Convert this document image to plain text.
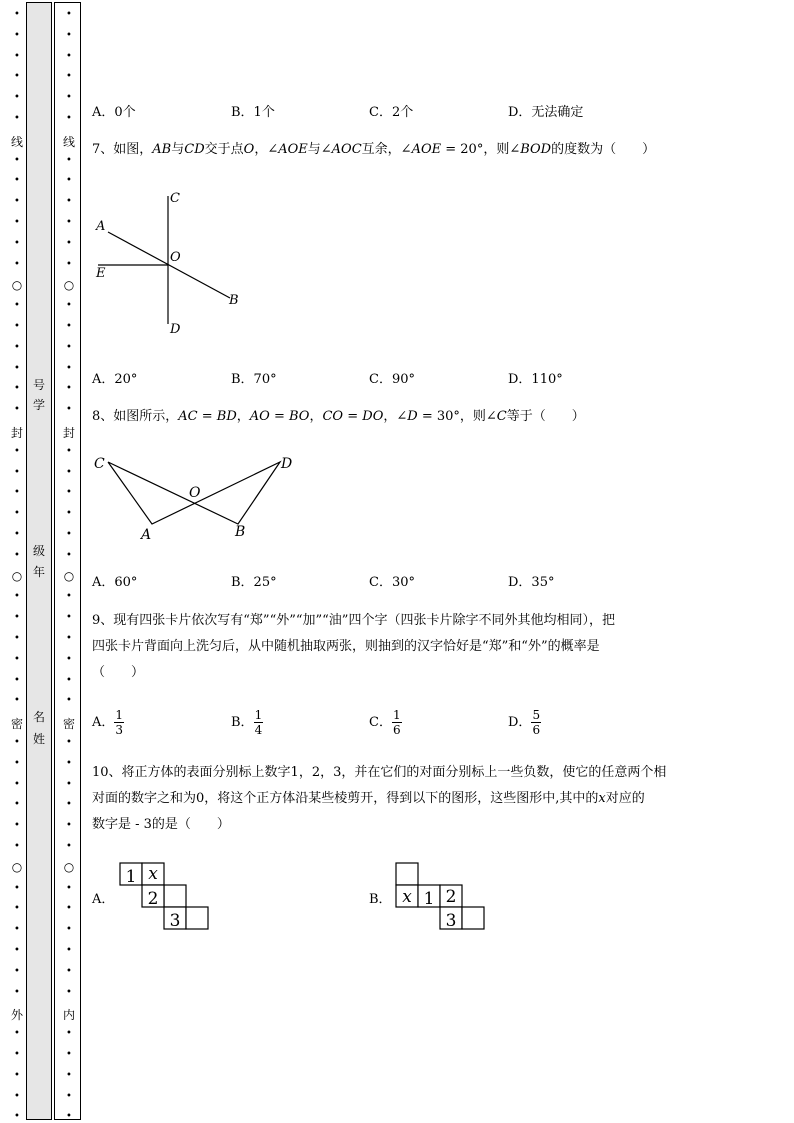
•
•
•
•
•
•
•
•
•
•
•
•
•
•
•
•
•
•
•
•
•
•
•
•
•
•
•
•
•
•
•
•
•
•
•
•
•
•
•
•
•
•
•
•
•
•
•
•
•
•
•
•
•
•
•
•
•
•
•
•
•
•
•
•
•
•
•
•
•
•
•
•
•
•
•
•
•
•
•
•
•
•
•
•
•
•
•
•
•
•
•
•
•
•
线
○
封
○
密
○
外
线
○
封
○
密
○
内
号
学
级
年
名
姓
A．0个	B．1个	C．2个	D．无法确定
7、如图，AB与CD交于点O，∠AOE与∠AOC互余，∠AOE = 20°，则∠BOD的度数为（　　）
C
A
O
E
B
D
A．20°	B．70°	C．90°	D．110°
8、如图所示，AC = BD，AO = BO，CO = DO，∠D = 30°，则∠C等于（　　）
C
O
D
A	B
A．60°	B．25°	C．30°	D．35°
9、现有四张卡片依次写有“郑”“外”“加”“油”四个字（四张卡片除字不同外其他均相同），把
四张卡片背面向上洗匀后，从中随机抽取两张，则抽到的汉字恰好是“郑”和“外”的概率是
（　　）
A． $\frac{1}{3}$	B． $\frac{1}{4}$	C． $\frac{1}{6}$	D． $\frac{5}{6}$
10、将正方体的表面分别标上数字1，2，3，并在它们的对面分别标上一些负数，使它的任意两个相
对面的数字之和为0，将这个正方体沿某些棱剪开，得到以下的图形，这些图形中,其中的x对应的
数字是 - 3的是（　　）
A．
1 x
2
3
B． x 1 2
3
